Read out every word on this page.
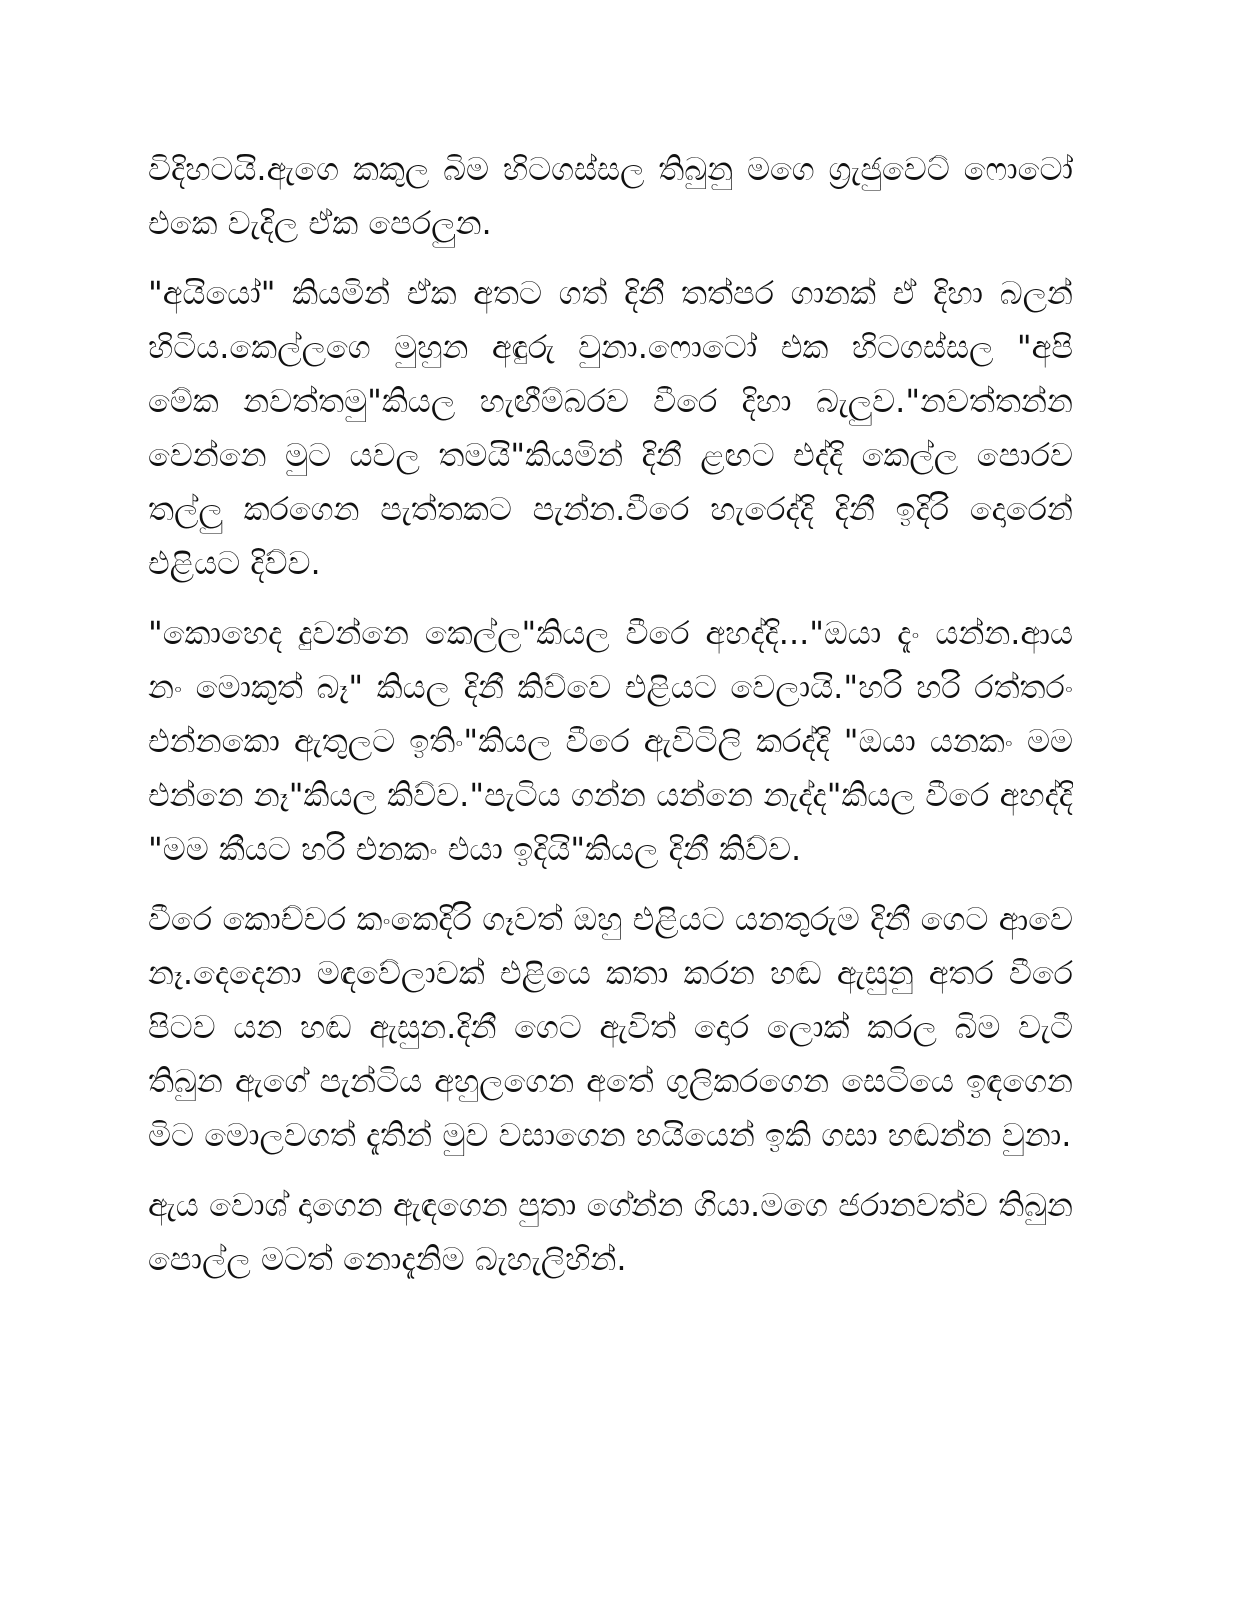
විදිහටයි.ඇගෙ කකුල බිම හිටගස්සල තිබුනු මගෙ ග්‍රැජුවෙට් ෆොටෝ එකෙ වැදිල ඒක පෙරලුන.

"අයියෝ" කියමින් ඒක අතට ගත් දිනී තත්පර ගානක් ඒ දිහා බලන් හිටිය.කෙල්ලගෙ මුහුන අඳුරු වුනා.ෆොටෝ එක හිටගස්සල "අපි මේක නවත්තමු"කියල හැඟීම්බරව වීරෙ දිහා බැලුව."නවත්තන්න වෙන්නෙ මුට යවල තමයි"කියමින් දිනී ළඟට එද්දි කෙල්ල පොරව තල්ලු කරගෙන පැත්තකට පැන්න.වීරෙ හැරෙද්දි දිනී ඉදිරි දොරෙන් එළියට දිව්ව.

"කොහෙද දුවන්නෙ කෙල්ල"කියල වීරෙ අහද්දි..."ඔයා දැං යන්න.ආය නං මොකුත් බෑ" කියල දිනී කිව්වෙ එළියට වෙලායි."හරි හරි රත්තරං එන්නකො ඇතුලට ඉතිං"කියල වීරෙ ඇවිටිලි කරද්දි "ඔයා යනකං මම එන්නෙ නෑ"කියල කිව්ව."පැටිය ගන්න යන්නෙ නැද්ද"කියල වීරෙ අහද්දි "මම කීයට හරි එනකං එයා ඉදියි"කියල දිනී කිව්ව.

වීරෙ කොච්චර කංකෙදිරි ගෑවත් ඔහු එළියට යනතුරුම දිනී ගෙට ආවෙ නෑ.දෙදෙනා මඳවේලාවක් එළියෙ කතා කරන හඬ ඇසුනු අතර වීරෙ පිටව යන හඬ ඇසුන.දිනී ගෙට ඇවිත් දොර ලොක් කරල බිම වැටී තිබුන ඇගේ පැන්ටිය අහුලගෙන අතේ ගුලිකරගෙන සෙටියෙ ඉඳගෙන මිට මොලවගත් දැතින් මුව වසාගෙන හයියෙන් ඉකි ගසා හඬන්න වුනා.

ඇය වොශ් දාගෙන ඇඳගෙන පුතා ගේන්න ගියා.මගෙ ජරානවත්ව තිබුන පොල්ල මටත් නොදැනිම බැහැලිහින්.
